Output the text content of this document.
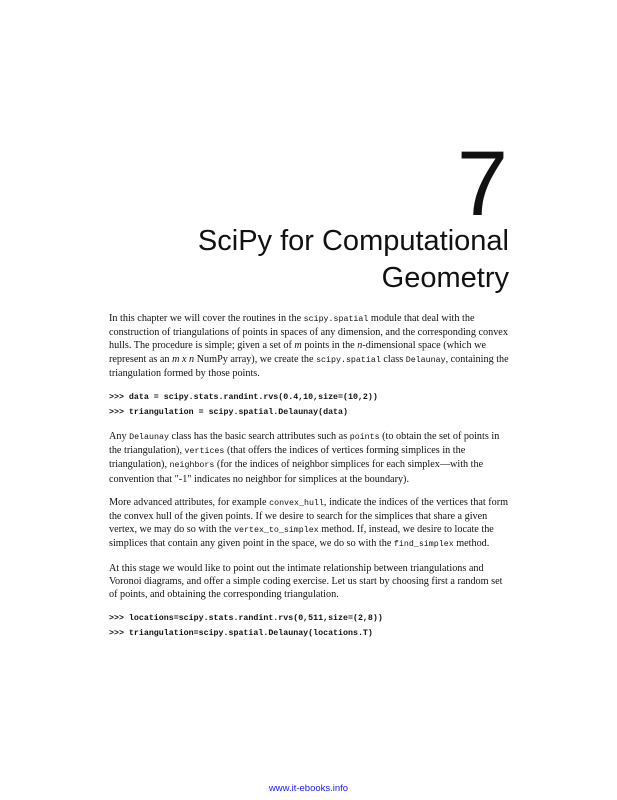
7
SciPy for Computational Geometry

In this chapter we will cover the routines in the scipy.spatial module that deal with the construction of triangulations of points in spaces of any dimension, and the corresponding convex hulls. The procedure is simple; given a set of m points in the n-dimensional space (which we represent as an m x n NumPy array), we create the scipy.spatial class Delaunay, containing the triangulation formed by those points.

>>> data = scipy.stats.randint.rvs(0.4,10,size=(10,2))
>>> triangulation = scipy.spatial.Delaunay(data)

Any Delaunay class has the basic search attributes such as points (to obtain the set of points in the triangulation), vertices (that offers the indices of vertices forming simplices in the triangulation), neighbors (for the indices of neighbor simplices for each simplex—with the convention that "-1" indicates no neighbor for simplices at the boundary).

More advanced attributes, for example convex_hull, indicate the indices of the vertices that form the convex hull of the given points. If we desire to search for the simplices that share a given vertex, we may do so with the vertex_to_simplex method. If, instead, we desire to locate the simplices that contain any given point in the space, we do so with the find_simplex method.

At this stage we would like to point out the intimate relationship between triangulations and Voronoi diagrams, and offer a simple coding exercise. Let us start by choosing first a random set of points, and obtaining the corresponding triangulation.

>>> locations=scipy.stats.randint.rvs(0,511,size=(2,8))
>>> triangulation=scipy.spatial.Delaunay(locations.T)
www.it-ebooks.info
